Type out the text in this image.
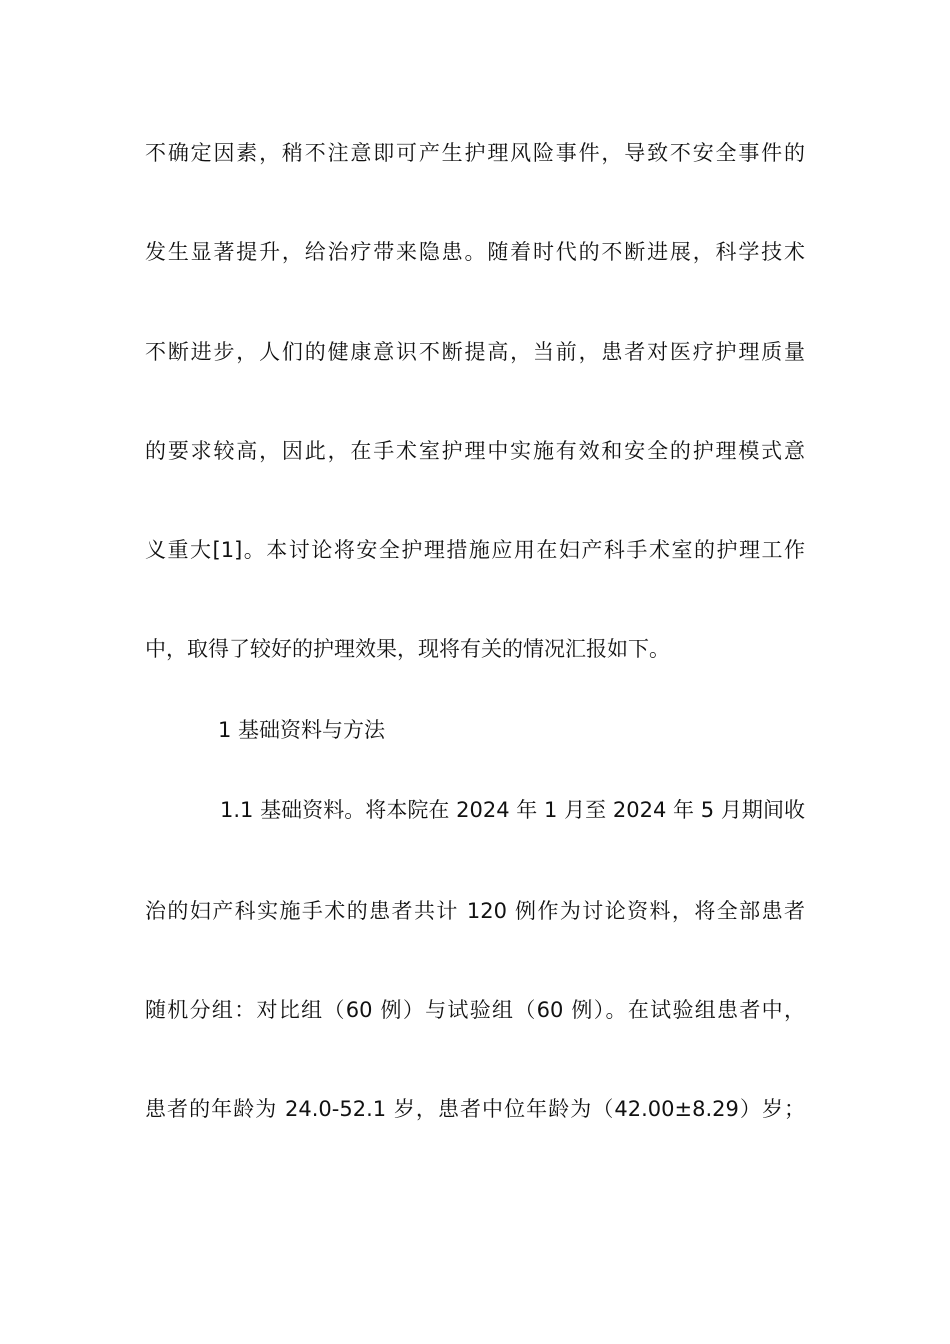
不确定因素，稍不注意即可产生护理风险事件，导致不安全事件的
发生显著提升，给治疗带来隐患。随着时代的不断进展，科学技术
不断进步，人们的健康意识不断提高，当前，患者对医疗护理质量
的要求较高，因此，在手术室护理中实施有效和安全的护理模式意
义重大[1]。本讨论将安全护理措施应用在妇产科手术室的护理工作
中，取得了较好的护理效果，现将有关的情况汇报如下。
1 基础资料与方法
1.1 基础资料。将本院在 2024 年 1 月至 2024 年 5 月期间收
治的妇产科实施手术的患者共计 120 例作为讨论资料，将全部患者
随机分组：对比组（60 例）与试验组（60 例）。在试验组患者中，
患者的年龄为 24.0-52.1 岁，患者中位年龄为（42.00±8.29）岁；
